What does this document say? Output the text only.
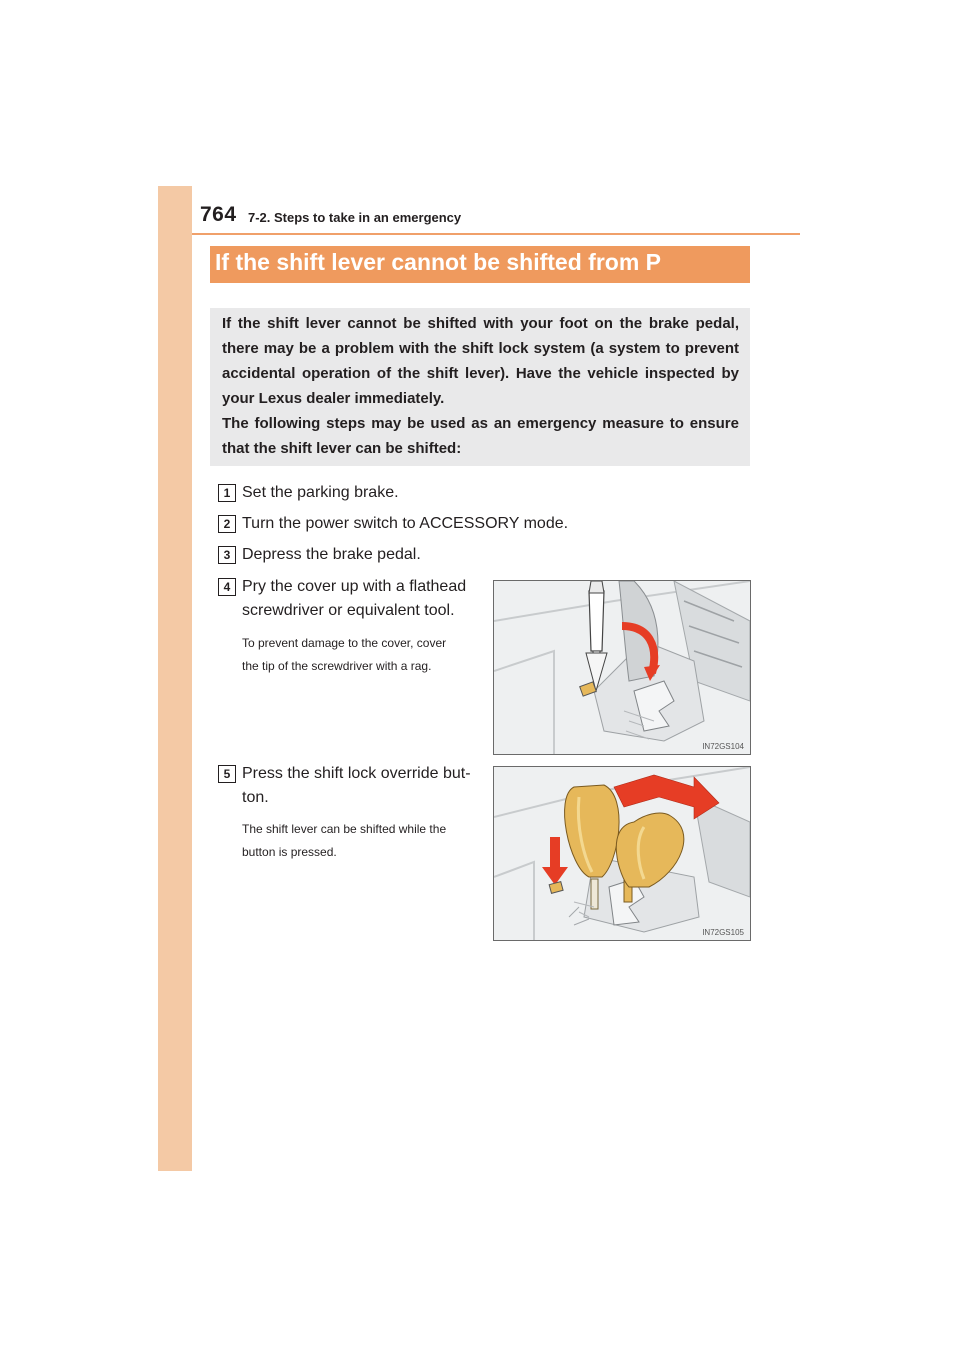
764 7-2. Steps to take in an emergency
If the shift lever cannot be shifted from P

If the shift lever cannot be shifted with your foot on the brake pedal, there may be a problem with the shift lock system (a system to prevent accidental operation of the shift lever). Have the vehicle inspected by your Lexus dealer immediately.

The following steps may be used as an emergency measure to ensure that the shift lever can be shifted:

1 Set the parking brake.
2 Turn the power switch to ACCESSORY mode.
3 Depress the brake pedal.
4 Pry the cover up with a flathead
screwdriver or equivalent tool.
To prevent damage to the cover, cover
the tip of the screwdriver with a rag.
IN72GS104
5 Press the shift lock override but-
ton.
The shift lever can be shifted while the
button is pressed.
IN72GS105
